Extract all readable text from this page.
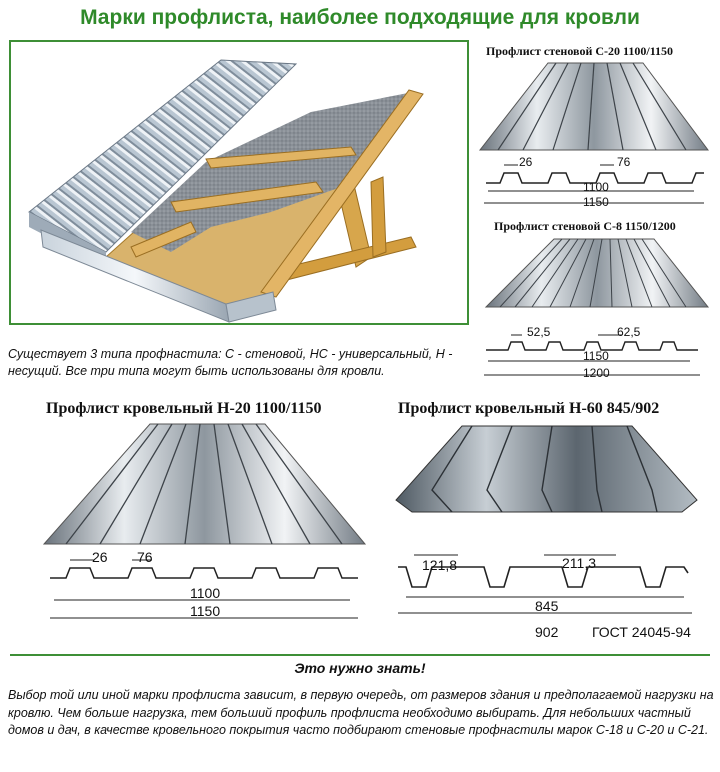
Марки профлиста, наиболее подходящие для кровли
Профлист стеновой С-20 1100/1150
26	76
1100
1150
Профлист стеновой С-8 1150/1200
52,5	62,5
1150
1200
Существует 3 типа профнастила: С - стеновой, НС - универсальный, Н - несущий. Все три типа могут быть использованы для кровли.
Профлист кровельный Н-20 1100/1150
26 76
1100
1150
Профлист кровельный Н-60 845/902
121,8	211,3
845
902 ГОСТ 24045-94
Это нужно знать!
Выбор той или иной марки профлиста зависит, в первую очередь, от размеров здания и предполагаемой нагрузки на кровлю. Чем больше нагрузка, тем больший профиль профлиста необходимо выбирать. Для небольших частный домов и дач, в качестве кровельного покрытия часто подбирают стеновые профнастилы марок С-18 и С-20 и С-21.
